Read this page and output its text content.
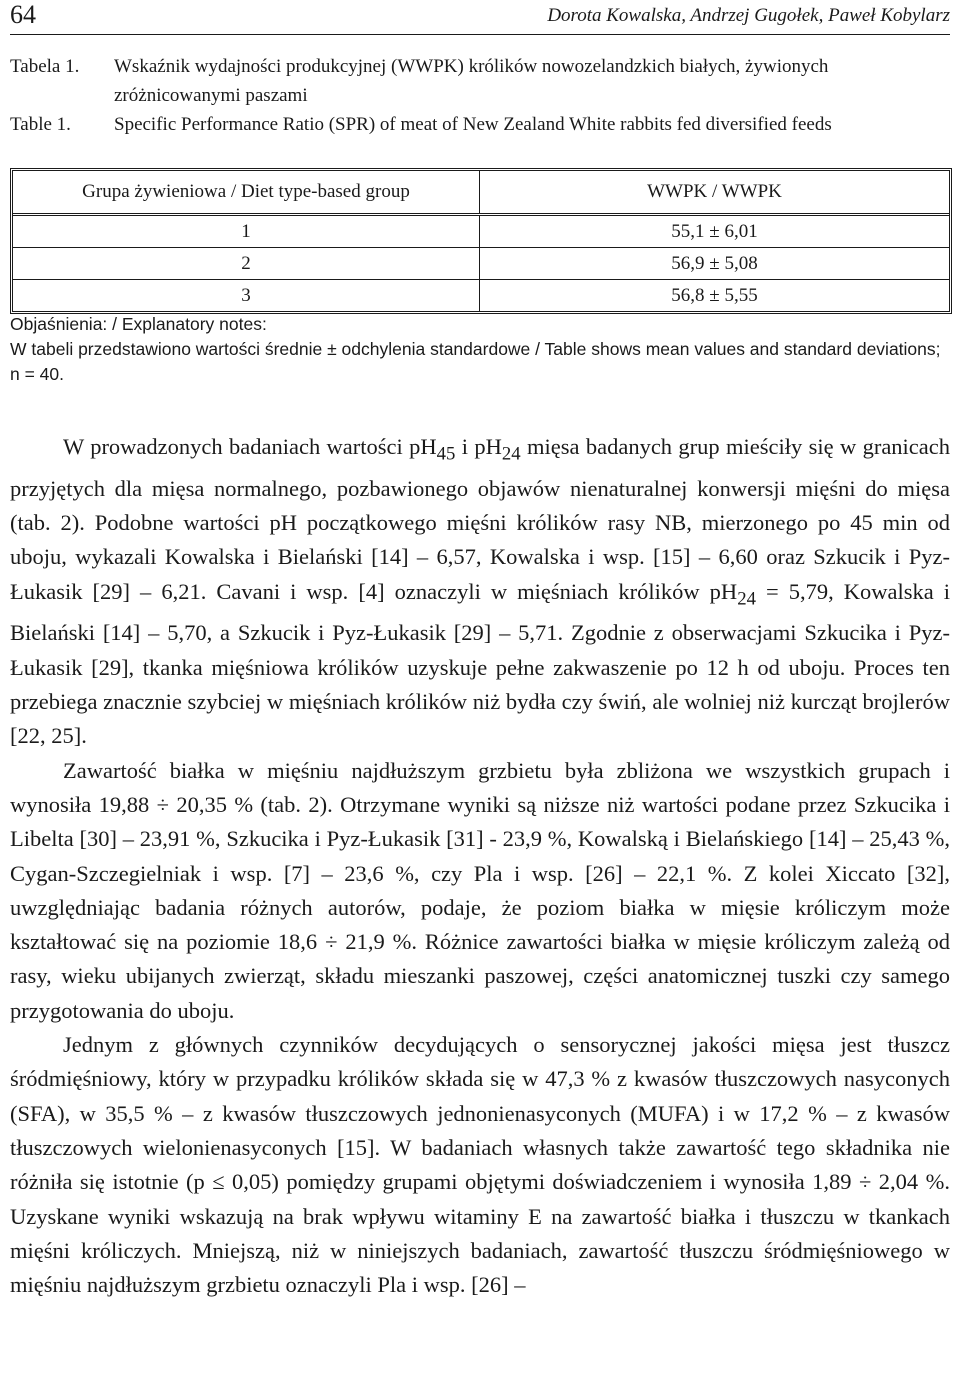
64	Dorota Kowalska, Andrzej Gugołek, Paweł Kobylarz
Tabela 1.	Wskaźnik wydajności produkcyjnej (WWPK) królików nowozelandzkich białych, żywionych zróżnicowanymi paszami
Table 1.	Specific Performance Ratio (SPR) of meat of New Zealand White rabbits fed diversified feeds
Grupa żywieniowa / Diet type-based group	WWPK / WWPK
1	55,1 ± 6,01
2	56,9 ± 5,08
3	56,8 ± 5,55
Objaśnienia: / Explanatory notes:
W tabeli przedstawiono wartości średnie ± odchylenia standardowe / Table shows mean values and standard deviations; n = 40.

W prowadzonych badaniach wartości $pH_{45}$ i $pH_{24}$ mięsa badanych grup mieściły się w granicach przyjętych dla mięsa normalnego, pozbawionego objawów nienaturalnej konwersji mięśni do mięsa (tab. 2). Podobne wartości pH początkowego mięśni królików rasy NB, mierzonego po 45 min od uboju, wykazali Kowalska i Bielański [14] – 6,57, Kowalska i wsp. [15] – 6,60 oraz Szkucik i Pyz-Łukasik [29] – 6,21. Cavani i wsp. [4] oznaczyli w mięśniach królików $pH_{24} = 5,79$, Kowalska i Bielański [14] – 5,70, a Szkucik i Pyz-Łukasik [29] – 5,71. Zgodnie z obserwacjami Szkucika i Pyz-Łukasik [29], tkanka mięśniowa królików uzyskuje pełne zakwaszenie po 12 h od uboju. Proces ten przebiega znacznie szybciej w mięśniach królików niż bydła czy świń, ale wolniej niż kurcząt brojlerów [22, 25].

Zawartość białka w mięśniu najdłuższym grzbietu była zbliżona we wszystkich grupach i wynosiła 19,88 ÷ 20,35 % (tab. 2). Otrzymane wyniki są niższe niż wartości podane przez Szkucika i Libelta [30] – 23,91 %, Szkucika i Pyz-Łukasik [31] - 23,9 %, Kowalską i Bielańskiego [14] – 25,43 %, Cygan-Szczegielniak i wsp. [7] – 23,6 %, czy Pla i wsp. [26] – 22,1 %. Z kolei Xiccato [32], uwzględniając badania różnych autorów, podaje, że poziom białka w mięsie króliczym może kształtować się na poziomie 18,6 ÷ 21,9 %. Różnice zawartości białka w mięsie króliczym zależą od rasy, wieku ubijanych zwierząt, składu mieszanki paszowej, części anatomicznej tuszki czy samego przygotowania do uboju.

Jednym z głównych czynników decydujących o sensorycznej jakości mięsa jest tłuszcz śródmięśniowy, który w przypadku królików składa się w 47,3 % z kwasów tłuszczowych nasyconych (SFA), w 35,5 % – z kwasów tłuszczowych jednonienasyconych (MUFA) i w 17,2 % – z kwasów tłuszczowych wielonienasyconych [15]. W badaniach własnych także zawartość tego składnika nie różniła się istotnie (p ≤ 0,05) pomiędzy grupami objętymi doświadczeniem i wynosiła 1,89 ÷ 2,04 %. Uzyskane wyniki wskazują na brak wpływu witaminy E na zawartość białka i tłuszczu w tkankach mięśni króliczych. Mniejszą, niż w niniejszych badaniach, zawartość tłuszczu śródmięśniowego w mięśniu najdłuższym grzbietu oznaczyli Pla i wsp. [26] –
